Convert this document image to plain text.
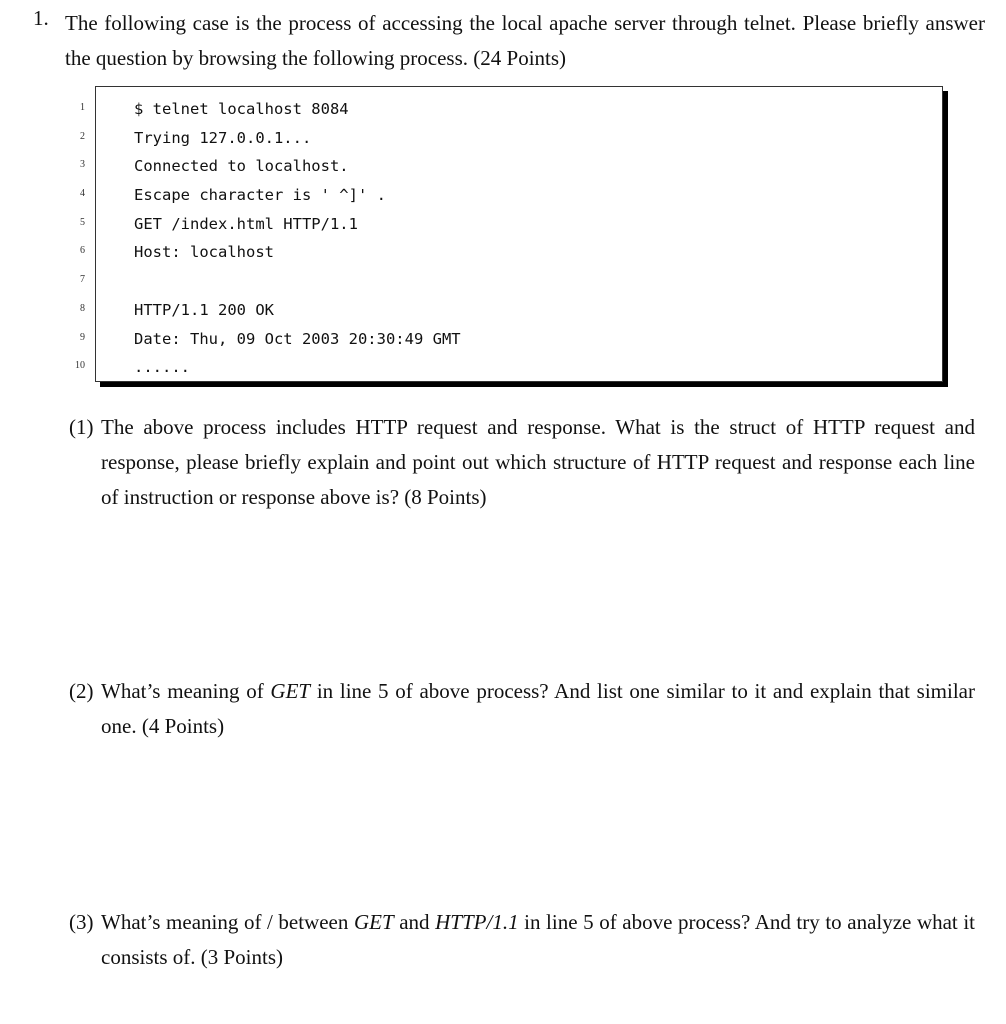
1. The following case is the process of accessing the local apache server through telnet. Please briefly answer the question by browsing the following process. (24 Points)
1
2
3
4
5
6
7
8
9
10
$ telnet localhost 8084
Trying 127.0.0.1...
Connected to localhost.
Escape character is ' ^]' .
GET /index.html HTTP/1.1
Host: localhost
HTTP/1.1 200 OK
Date: Thu, 09 Oct 2003 20:30:49 GMT
......
(1) The above process includes HTTP request and response. What is the struct of HTTP request and response, please briefly explain and point out which structure of HTTP request and response each line of instruction or response above is? (8 Points)
(2) What’s meaning of GET in line 5 of above process? And list one similar to it and explain that similar one. (4 Points)
(3) What’s meaning of / between GET and HTTP/1.1 in line 5 of above process? And try to analyze what it consists of. (3 Points)
